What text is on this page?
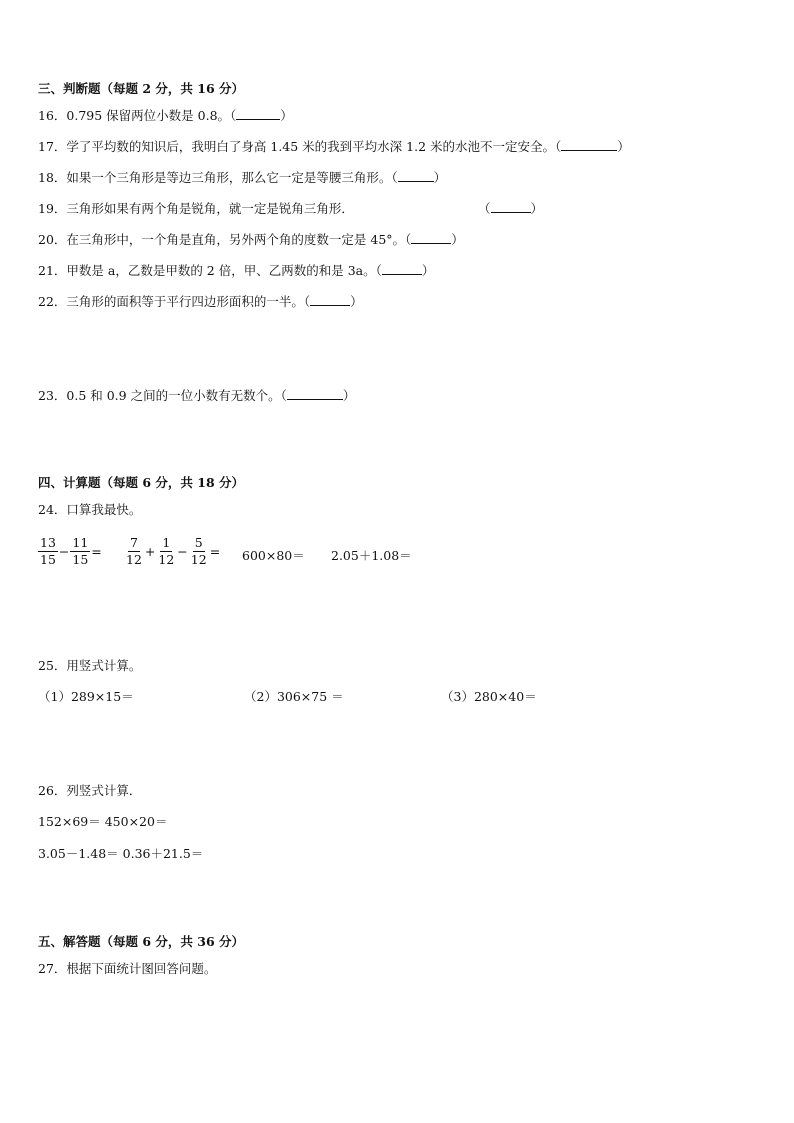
三、判断题（每题 2 分，共 16 分）
16．0.795 保留两位小数是 0.8。（	）
17．学了平均数的知识后，我明白了身高 1.45 米的我到平均水深 1.2 米的水池不一定安全。（	）
18．如果一个三角形是等边三角形，那么它一定是等腰三角形。（	）
19．三角形如果有两个角是锐角，就一定是锐角三角形．	（	）
20．在三角形中，一个角是直角，另外两个角的度数一定是 45°。（	）
21．甲数是 a，乙数是甲数的 2 倍，甲、乙两数的和是 3a。（	）
22．三角形的面积等于平行四边形面积的一半。（	）
23．0.5 和 0.9 之间的一位小数有无数个。（	）
四、计算题（每题 6 分，共 18 分）
24．口算我最快。
$\frac{13}{15} - \frac{11}{15} = \frac{7}{12} + \frac{1}{12} - \frac{5}{12} = 600\times 80= 2.05+1.08=$
25．用竖式计算。
（1）289×15＝	（2）306×75 ＝	（3）280×40＝
26．列竖式计算．
152×69＝ 450×20＝
3.05－1.48＝ 0.36＋21.5＝
五、解答题（每题 6 分，共 36 分）
27．根据下面统计图回答问题。
